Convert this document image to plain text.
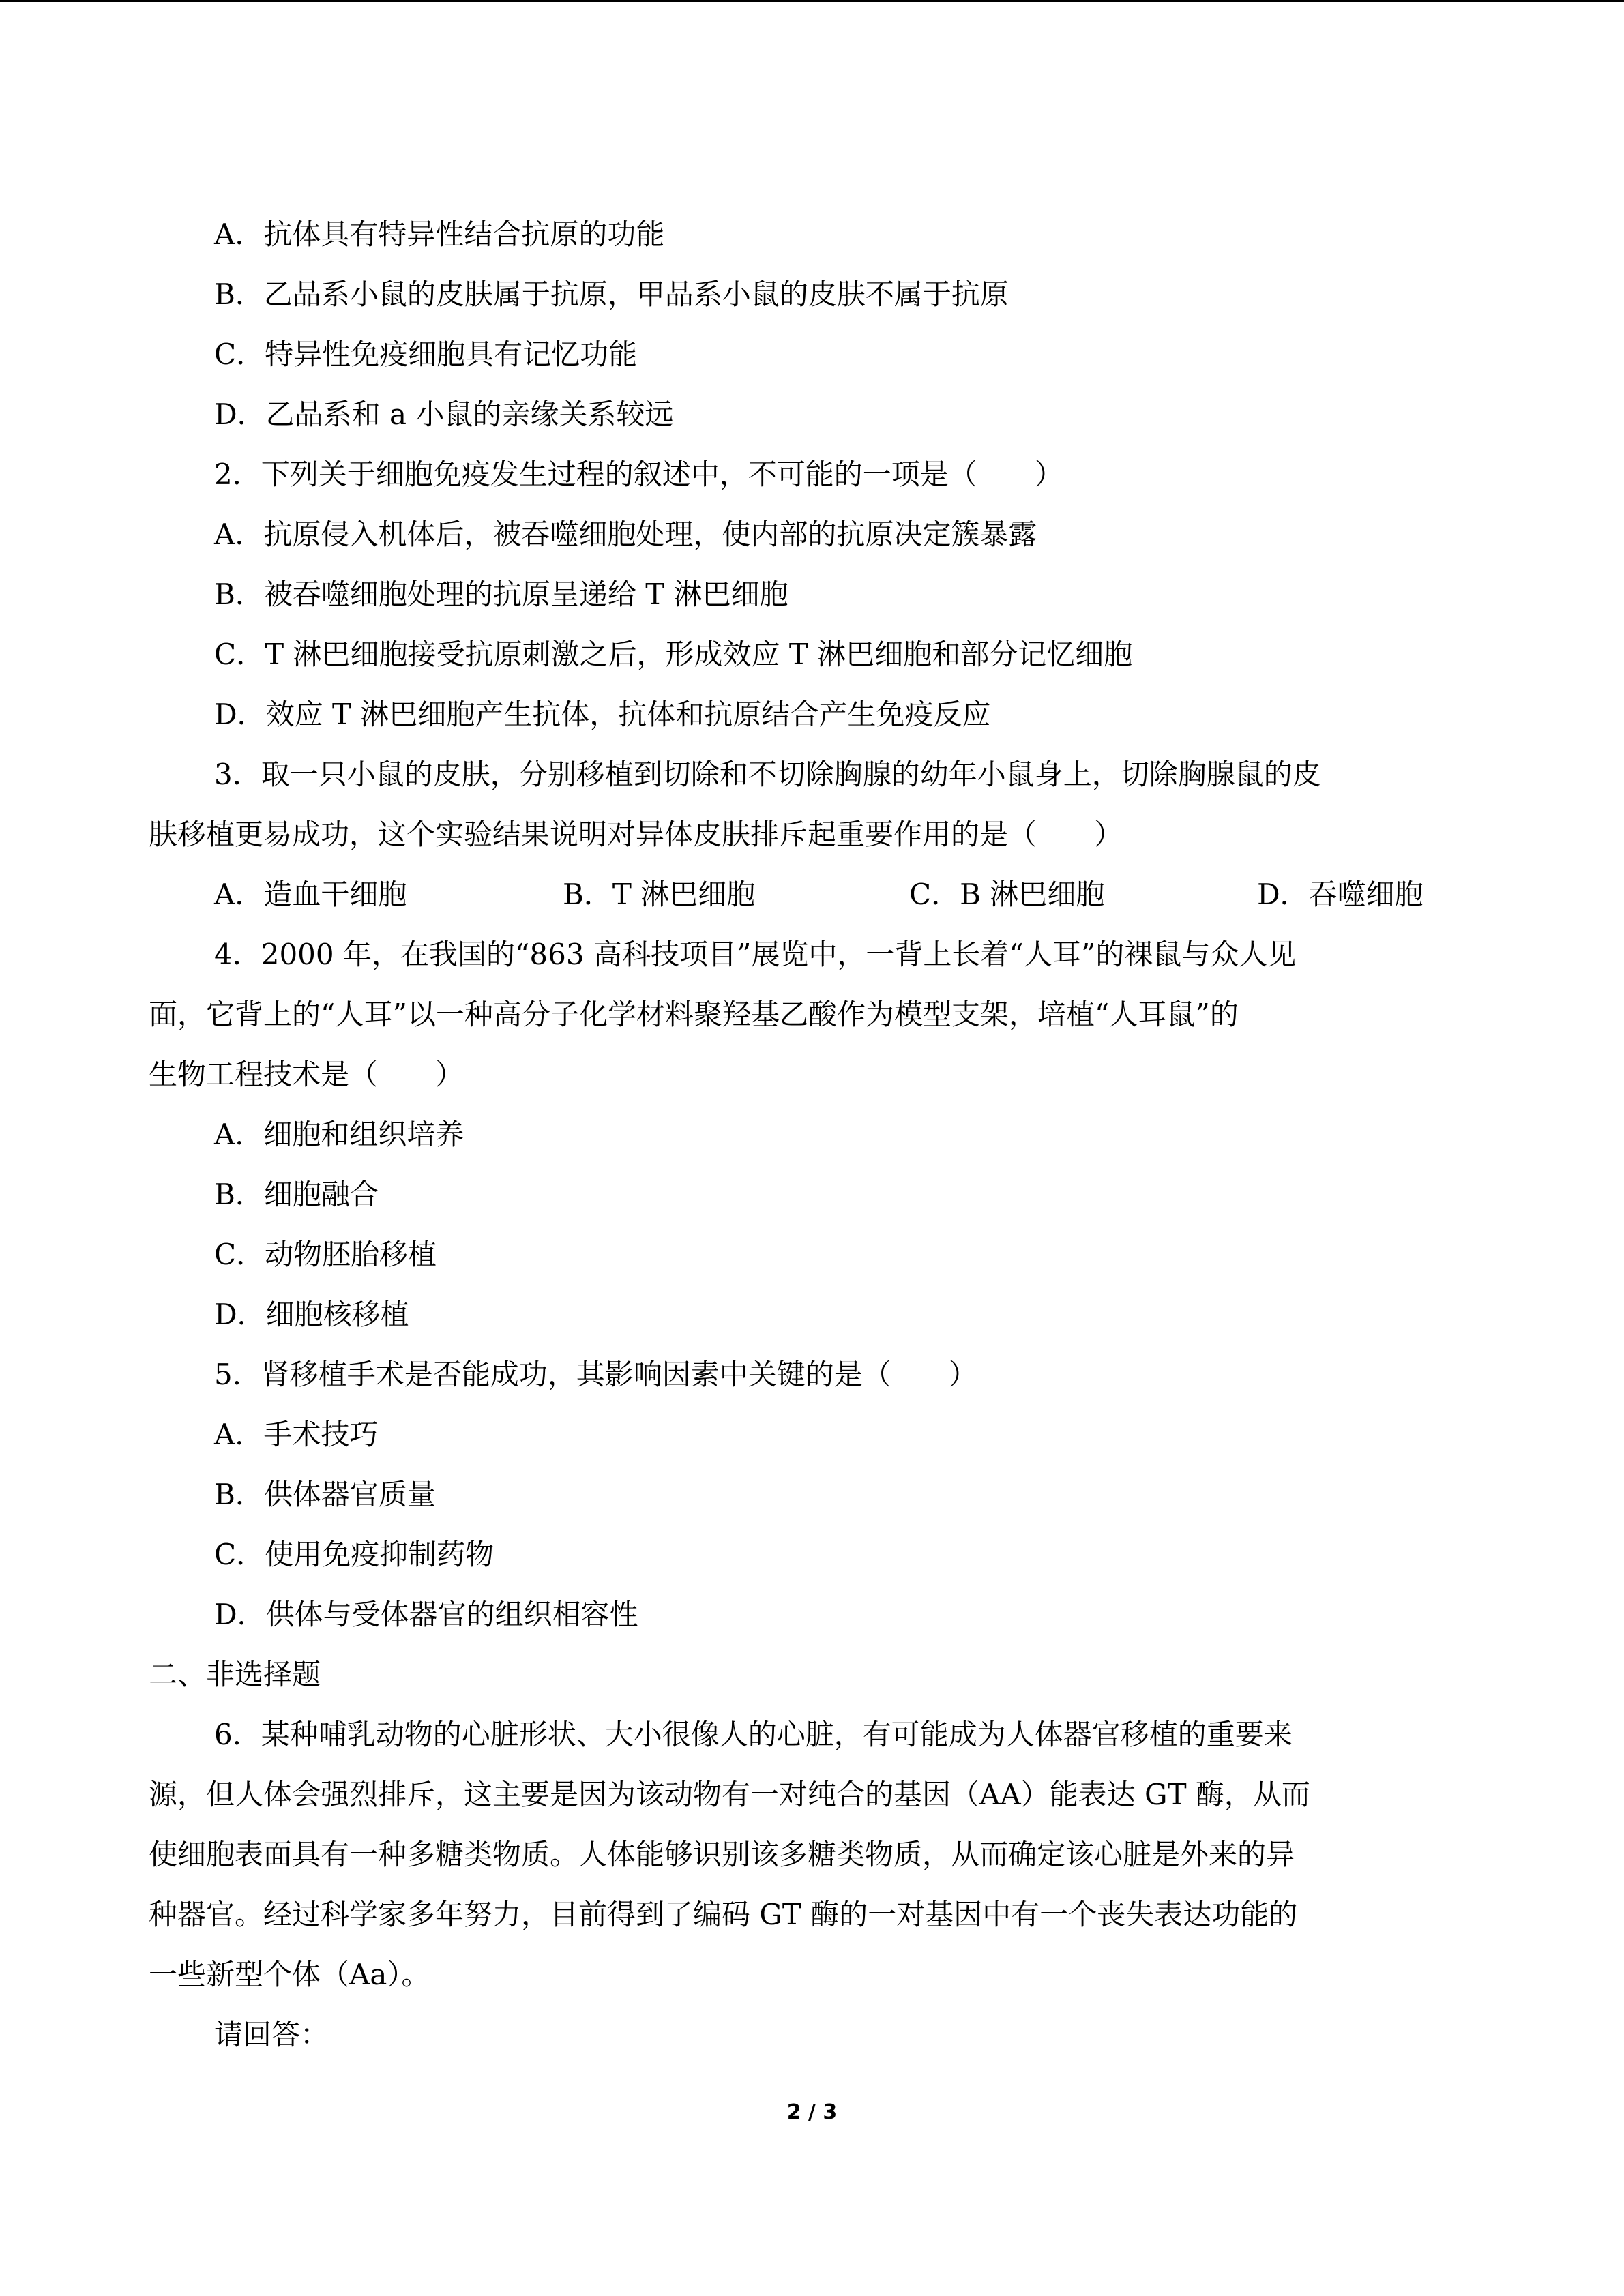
A．抗体具有特异性结合抗原的功能
B．乙品系小鼠的皮肤属于抗原，甲品系小鼠的皮肤不属于抗原
C．特异性免疫细胞具有记忆功能
D．乙品系和 a 小鼠的亲缘关系较远
2．下列关于细胞免疫发生过程的叙述中，不可能的一项是（　　）
A．抗原侵入机体后，被吞噬细胞处理，使内部的抗原决定簇暴露
B．被吞噬细胞处理的抗原呈递给 T 淋巴细胞
C．T 淋巴细胞接受抗原刺激之后，形成效应 T 淋巴细胞和部分记忆细胞
D．效应 T 淋巴细胞产生抗体，抗体和抗原结合产生免疫反应
3．取一只小鼠的皮肤，分别移植到切除和不切除胸腺的幼年小鼠身上，切除胸腺鼠的皮
肤移植更易成功，这个实验结果说明对异体皮肤排斥起重要作用的是（　　）
A．造血干细胞	B．T 淋巴细胞	C．B 淋巴细胞	D．吞噬细胞
4．2000 年，在我国的“863 高科技项目”展览中，一背上长着“人耳”的裸鼠与众人见
面，它背上的“人耳”以一种高分子化学材料聚羟基乙酸作为模型支架，培植“人耳鼠”的
生物工程技术是（　　）
A．细胞和组织培养
B．细胞融合
C．动物胚胎移植
D．细胞核移植
5．肾移植手术是否能成功，其影响因素中关键的是（　　）
A．手术技巧
B．供体器官质量
C．使用免疫抑制药物
D．供体与受体器官的组织相容性
二、非选择题
6．某种哺乳动物的心脏形状、大小很像人的心脏，有可能成为人体器官移植的重要来
源，但人体会强烈排斥，这主要是因为该动物有一对纯合的基因（AA）能表达 GT 酶，从而
使细胞表面具有一种多糖类物质。人体能够识别该多糖类物质，从而确定该心脏是外来的异
种器官。经过科学家多年努力，目前得到了编码 GT 酶的一对基因中有一个丧失表达功能的
一些新型个体（Aa）。
请回答：
2 / 3
